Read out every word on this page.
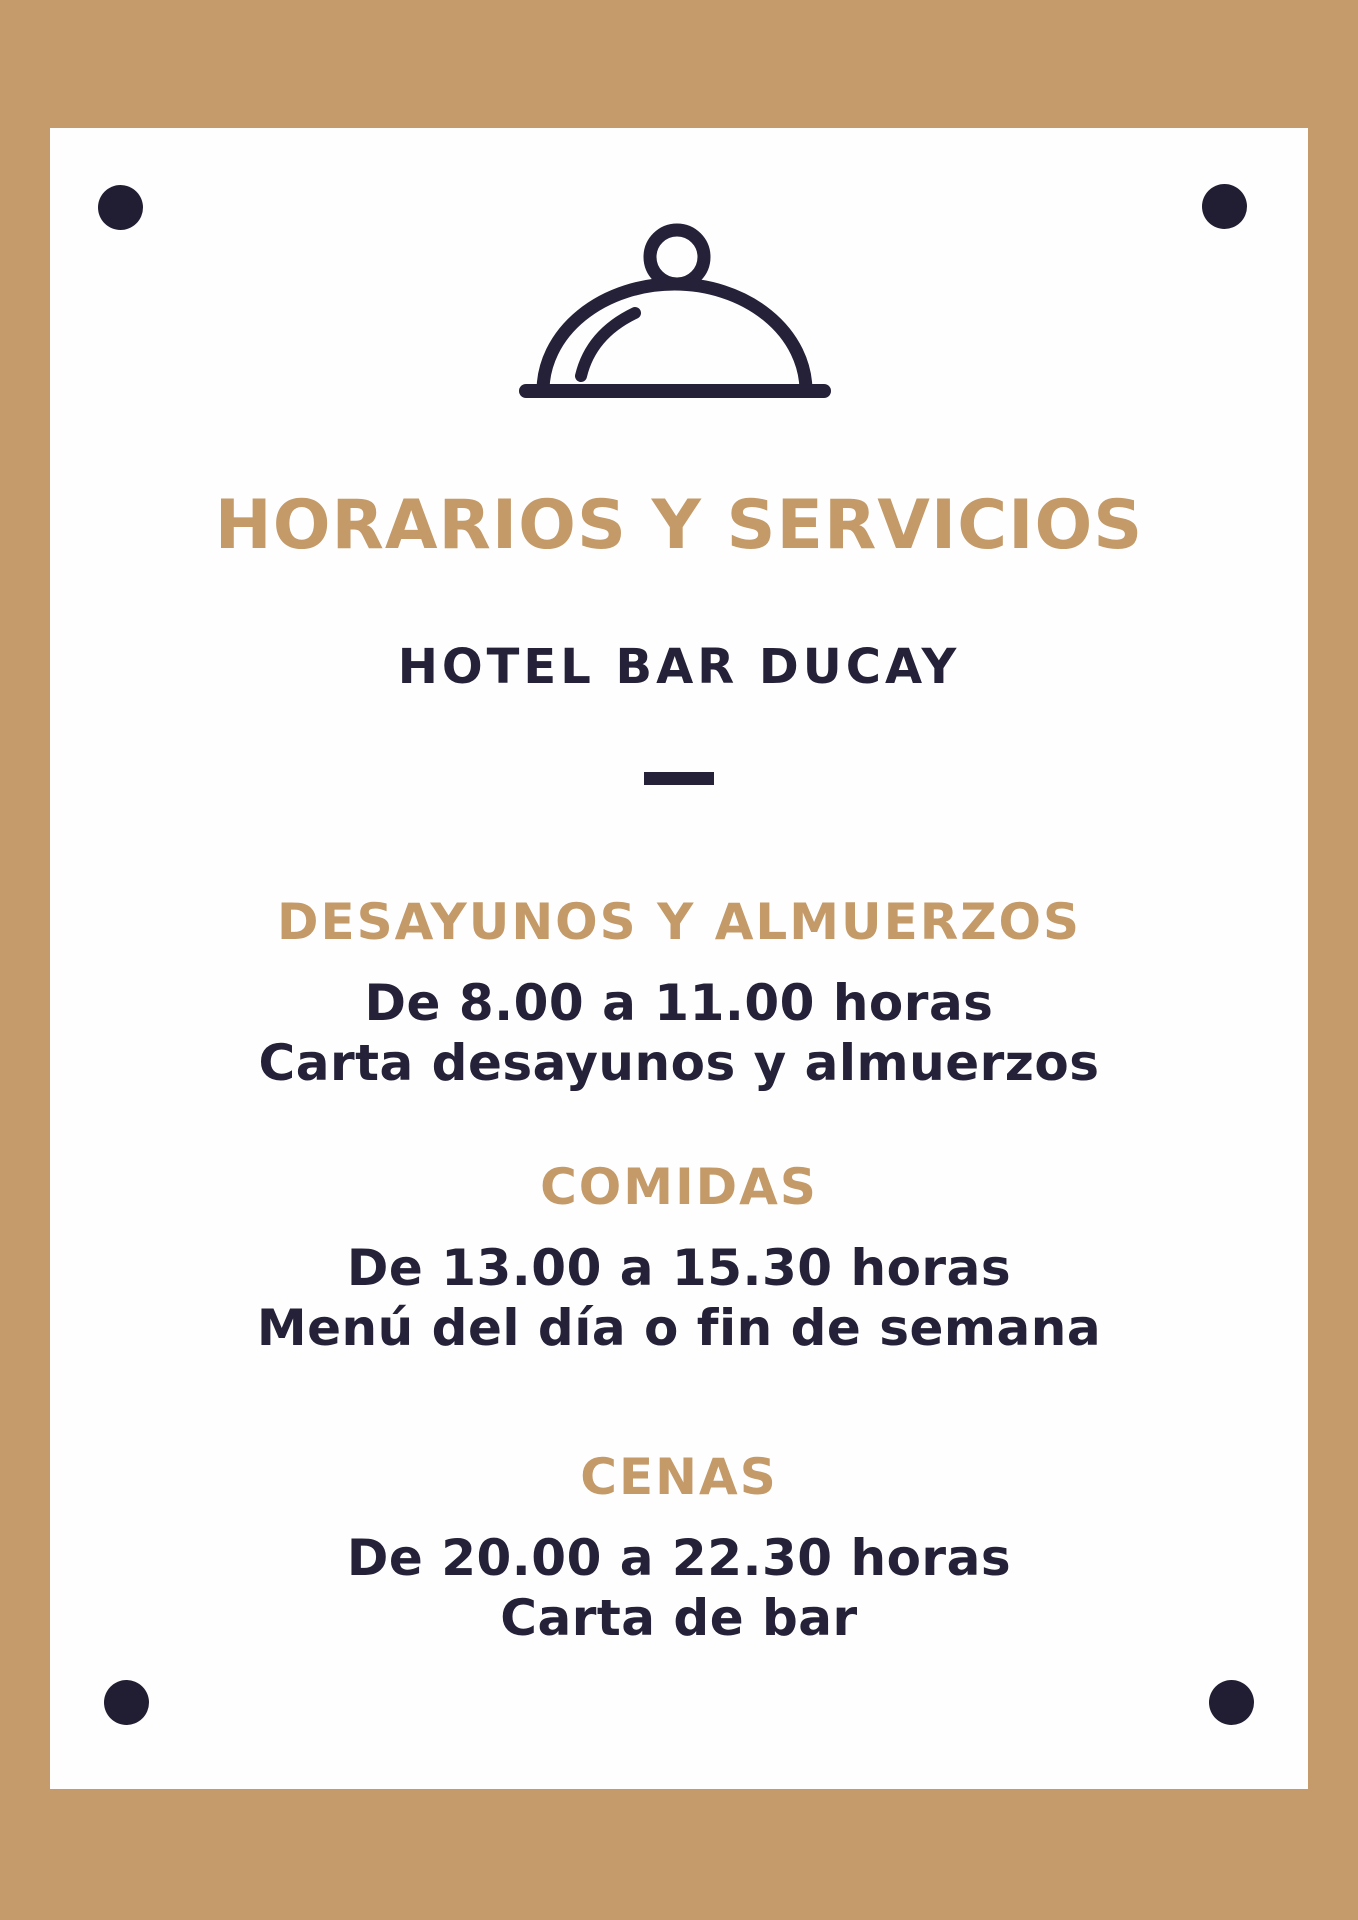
HORARIOS Y SERVICIOS
HOTEL BAR DUCAY
DESAYUNOS Y ALMUERZOS
De 8.00 a 11.00 horas
Carta desayunos y almuerzos
COMIDAS
De 13.00 a 15.30 horas
Menú del día o fin de semana
CENAS
De 20.00 a 22.30 horas
Carta de bar
